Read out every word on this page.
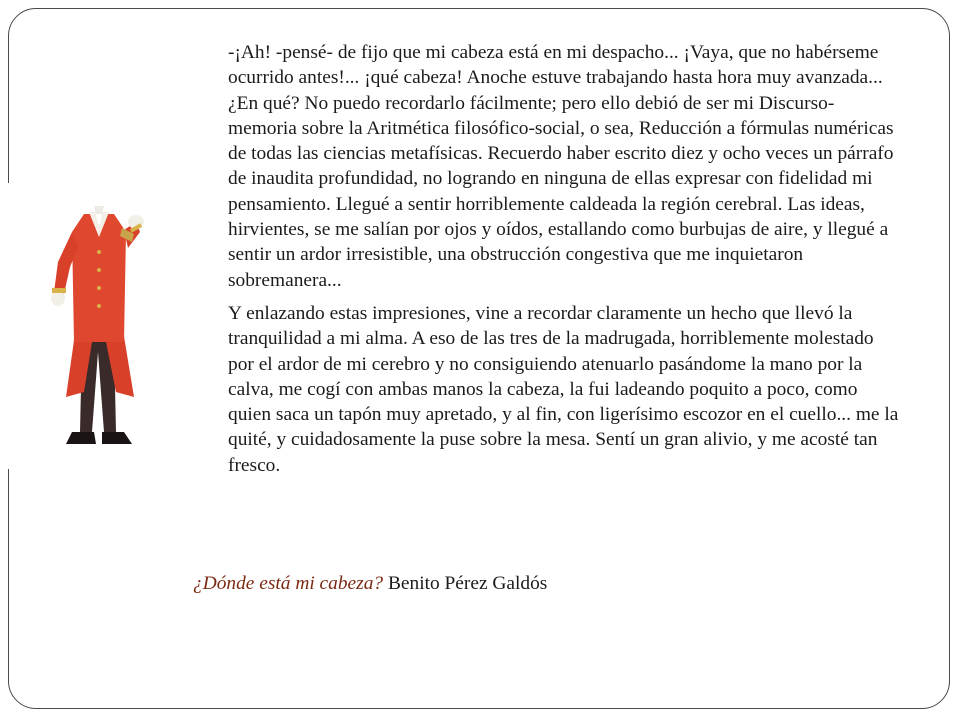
-¡Ah! -pensé- de fijo que mi cabeza está en mi despacho... ¡Vaya, que no habérseme ocurrido antes!... ¡qué cabeza! Anoche estuve trabajando hasta hora muy avanzada... ¿En qué? No puedo recordarlo fácilmente; pero ello debió de ser mi Discurso-memoria sobre la Aritmética filosófico-social, o sea, Reducción a fórmulas numéricas de todas las ciencias metafísicas. Recuerdo haber escrito diez y ocho veces un párrafo de inaudita profundidad, no logrando en ninguna de ellas expresar con fidelidad mi pensamiento. Llegué a sentir horriblemente caldeada la región cerebral. Las ideas, hirvientes, se me salían por ojos y oídos, estallando como burbujas de aire, y llegué a sentir un ardor irresistible, una obstrucción congestiva que me inquietaron sobremanera...

Y enlazando estas impresiones, vine a recordar claramente un hecho que llevó la tranquilidad a mi alma. A eso de las tres de la madrugada, horriblemente molestado por el ardor de mi cerebro y no consiguiendo atenuarlo pasándome la mano por la calva, me cogí con ambas manos la cabeza, la fui ladeando poquito a poco, como quien saca un tapón muy apretado, y al fin, con ligerísimo escozor en el cuello... me la quité, y cuidadosamente la puse sobre la mesa. Sentí un gran alivio, y me acosté tan fresco.

¿Dónde está mi cabeza? Benito Pérez Galdós
